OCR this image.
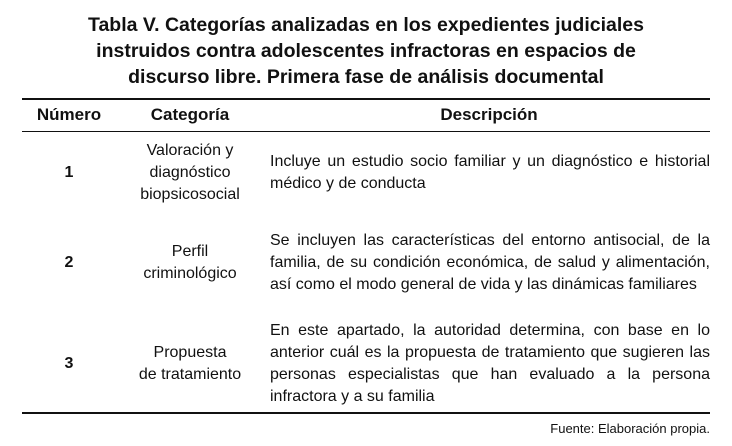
Tabla V. Categorías analizadas en los expedientes judiciales
instruidos contra adolescentes infractoras en espacios de
discurso libre. Primera fase de análisis documental
Número	Categoría	Descripción
1
Valoración y
diagnóstico
biopsicosocial
Incluye un estudio socio familiar y un diagnóstico e historial médico y de conducta
2
Perfil
criminológico
Se incluyen las características del entorno antisocial, de la familia, de su condición económica, de salud y alimentación, así como el modo general de vida y las dinámicas familiares
3
Propuesta
de tratamiento
En este apartado, la autoridad determina, con base en lo anterior cuál es la propuesta de tratamiento que sugieren las personas especialistas que han evaluado a la persona infractora y a su familia
Fuente: Elaboración propia.
